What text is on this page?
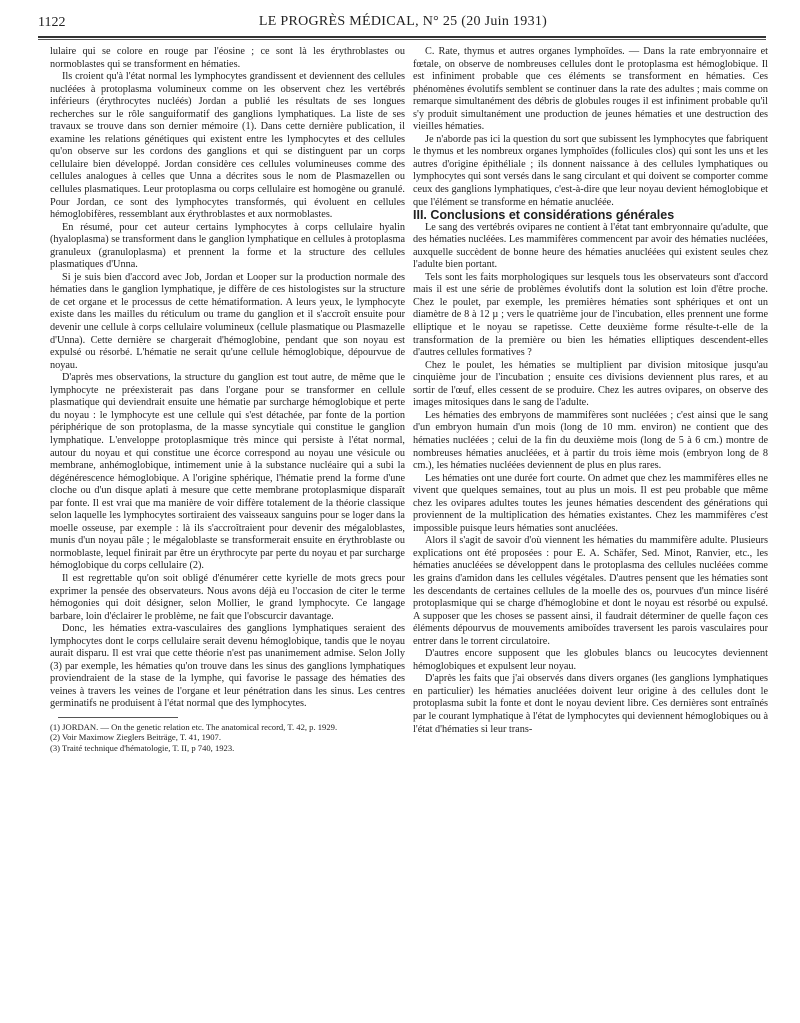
1122	LE PROGRÈS MÉDICAL, N° 25 (20 Juin 1931)

lulaire qui se colore en rouge par l'éosine ; ce sont là les érythroblastes ou normoblastes qui se transforment en hématies.

Ils croient qu'à l'état normal les lymphocytes grandissent et deviennent des cellules nucléées à protoplasma volumineux comme on les observent chez les vertébrés inférieurs (érythrocytes nucléés) Jordan a publié les résultats de ses longues recherches sur le rôle sanguiformatif des ganglions lymphatiques. La liste de ses travaux se trouve dans son dernier mémoire (1). Dans cette dernière publication, il examine les relations génétiques qui existent entre les lymphocytes et des cellules qu'on observe sur les cordons des ganglions et qui se distinguent par un corps cellulaire bien développé. Jordan considère ces cellules volumineuses comme des cellules analogues à celles que Unna a décrites sous le nom de Plasmazellen ou cellules plasmatiques. Leur protoplasma ou corps cellulaire est homogène ou granulé. Pour Jordan, ce sont des lymphocytes transformés, qui évoluent en cellules hémoglobifères, ressemblant aux érythroblastes et aux normoblastes.

En résumé, pour cet auteur certains lymphocytes à corps cellulaire hyalin (hyaloplasma) se transforment dans le ganglion lymphatique en cellules à protoplasma granuleux (granuloplasma) et prennent la forme et la structure des cellules plasmatiques d'Unna.

Si je suis bien d'accord avec Job, Jordan et Looper sur la production normale des hématies dans le ganglion lymphatique, je diffère de ces histologistes sur la structure de cet organe et le processus de cette hématiformation. A leurs yeux, le lymphocyte existe dans les mailles du réticulum ou trame du ganglion et il s'accroît ensuite pour devenir une cellule à corps cellulaire volumineux (cellule plasmatique ou Plasmazelle d'Unna). Cette dernière se chargerait d'hémoglobine, pendant que son noyau est expulsé ou résorbé. L'hématie ne serait qu'une cellule hémoglobique, dépourvue de noyau.

D'après mes observations, la structure du ganglion est tout autre, de même que le lymphocyte ne préexisterait pas dans l'organe pour se transformer en cellule plasmatique qui deviendrait ensuite une hématie par surcharge hémoglobique et perte du noyau : le lymphocyte est une cellule qui s'est détachée, par fonte de la portion périphérique de son protoplasma, de la masse syncytiale qui constitue le ganglion lymphatique. L'enveloppe protoplasmique très mince qui persiste à l'état normal, autour du noyau et qui constitue une écorce correspond au noyau une vésicule ou membrane, anhémoglobique, intimement unie à la substance nucléaire qui a subi la dégénérescence hémoglobique. A l'origine sphérique, l'hématie prend la forme d'une cloche ou d'un disque aplati à mesure que cette membrane protoplasmique disparaît par fonte. Il est vrai que ma manière de voir diffère totalement de la théorie classique selon laquelle les lymphocytes sortiraient des vaisseaux sanguins pour se loger dans la moelle osseuse, par exemple : là ils s'accroîtraient pour devenir des mégaloblastes, munis d'un noyau pâle ; le mégaloblaste se transformerait ensuite en érythroblaste ou normoblaste, lequel finirait par être un érythrocyte par perte du noyau et par surcharge hémoglobique du corps cellulaire (2).

Il est regrettable qu'on soit obligé d'énumérer cette kyrielle de mots grecs pour exprimer la pensée des observateurs. Nous avons déjà eu l'occasion de citer le terme hémogonies qui doit désigner, selon Mollier, le grand lymphocyte. Ce langage barbare, loin d'éclairer le problème, ne fait que l'obscurcir davantage.

Donc, les hématies extra-vasculaires des ganglions lymphatiques seraient des lymphocytes dont le corps cellulaire serait devenu hémoglobique, tandis que le noyau aurait disparu. Il est vrai que cette théorie n'est pas unanimement admise. Selon Jolly (3) par exemple, les hématies qu'on trouve dans les sinus des ganglions lymphatiques proviendraient de la stase de la lymphe, qui favorise le passage des hématies des veines à travers les veines de l'organe et leur pénétration dans les sinus. Les centres germinatifs ne produisent à l'état normal que des lymphocytes.

(1) JORDAN. — On the genetic relation etc. The anatomical record, T. 42, p. 1929.

(2) Voir Maximow Zieglers Beiträge, T. 41, 1907.

(3) Traité technique d'hématologie, T. II, p 740, 1923.

C. Rate, thymus et autres organes lymphoïdes. — Dans la rate embryonnaire et fœtale, on observe de nombreuses cellules dont le protoplasma est hémoglobique. Il est infiniment probable que ces éléments se transforment en hématies. Ces phénomènes évolutifs semblent se continuer dans la rate des adultes ; mais comme on remarque simultanément des débris de globules rouges il est infiniment probable qu'il s'y produit simultanément une production de jeunes hématies et une destruction des vieilles hématies.

Je n'aborde pas ici la question du sort que subissent les lymphocytes que fabriquent le thymus et les nombreux organes lymphoïdes (follicules clos) qui sont les uns et les autres d'origine épithéliale ; ils donnent naissance à des cellules lymphatiques ou lymphocytes qui sont versés dans le sang circulant et qui doivent se comporter comme ceux des ganglions lymphatiques, c'est-à-dire que leur noyau devient hémoglobique et que l'élément se transforme en hématie anucléée.

III. Conclusions et considérations générales

Le sang des vertébrés ovipares ne contient à l'état tant embryonnaire qu'adulte, que des hématies nucléées. Les mammifères commencent par avoir des hématies nucléées, auxquelle succèdent de bonne heure des hématies anucléées qui existent seules chez l'adulte bien portant.

Tels sont les faits morphologiques sur lesquels tous les observateurs sont d'accord mais il est une série de problèmes évolutifs dont la solution est loin d'être proche. Chez le poulet, par exemple, les premières hématies sont sphériques et ont un diamètre de 8 à 12 µ ; vers le quatrième jour de l'incubation, elles prennent une forme elliptique et le noyau se rapetisse. Cette deuxième forme résulte-t-elle de la transformation de la première ou bien les hématies elliptiques descendent-elles d'autres cellules formatives ?

Chez le poulet, les hématies se multiplient par division mitosique jusqu'au cinquième jour de l'incubation ; ensuite ces divisions deviennent plus rares, et au sortir de l'œuf, elles cessent de se produire. Chez les autres ovipares, on observe des images mitosiques dans le sang de l'adulte.

Les hématies des embryons de mammifères sont nucléées ; c'est ainsi que le sang d'un embryon humain d'un mois (long de 10 mm. environ) ne contient que des hématies nucléées ; celui de la fin du deuxième mois (long de 5 à 6 cm.) montre de nombreuses hématies anucléées, et à partir du trois ième mois (embryon long de 8 cm.), les hématies nucléées deviennent de plus en plus rares.

Les hématies ont une durée fort courte. On admet que chez les mammifères elles ne vivent que quelques semaines, tout au plus un mois. Il est peu probable que même chez les ovipares adultes toutes les jeunes hématies descendent des générations qui proviennent de la multiplication des hématies existantes. Chez les mammifères c'est impossible puisque leurs hématies sont anucléées.

Alors il s'agit de savoir d'où viennent les hématies du mammifère adulte. Plusieurs explications ont été proposées : pour E. A. Schäfer, Sed. Minot, Ranvier, etc., les hématies anucléées se développent dans le protoplasma des cellules nucléées comme les grains d'amidon dans les cellules végétales. D'autres pensent que les hématies sont les descendants de certaines cellules de la moelle des os, pourvues d'un mince liséré protoplasmique qui se charge d'hémoglobine et dont le noyau est résorbé ou expulsé. A supposer que les choses se passent ainsi, il faudrait déterminer de quelle façon ces éléments dépourvus de mouvements amiboïdes traversent les parois vasculaires pour entrer dans le torrent circulatoire.

D'autres encore supposent que les globules blancs ou leucocytes deviennent hémoglobiques et expulsent leur noyau.

D'après les faits que j'ai observés dans divers organes (les ganglions lymphatiques en particulier) les hématies anucléées doivent leur origine à des cellules dont le protoplasma subit la fonte et dont le noyau devient libre. Ces dernières sont entraînés par le courant lymphatique à l'état de lymphocytes qui deviennent hémoglobiques ou à l'état d'hématies si leur trans-
